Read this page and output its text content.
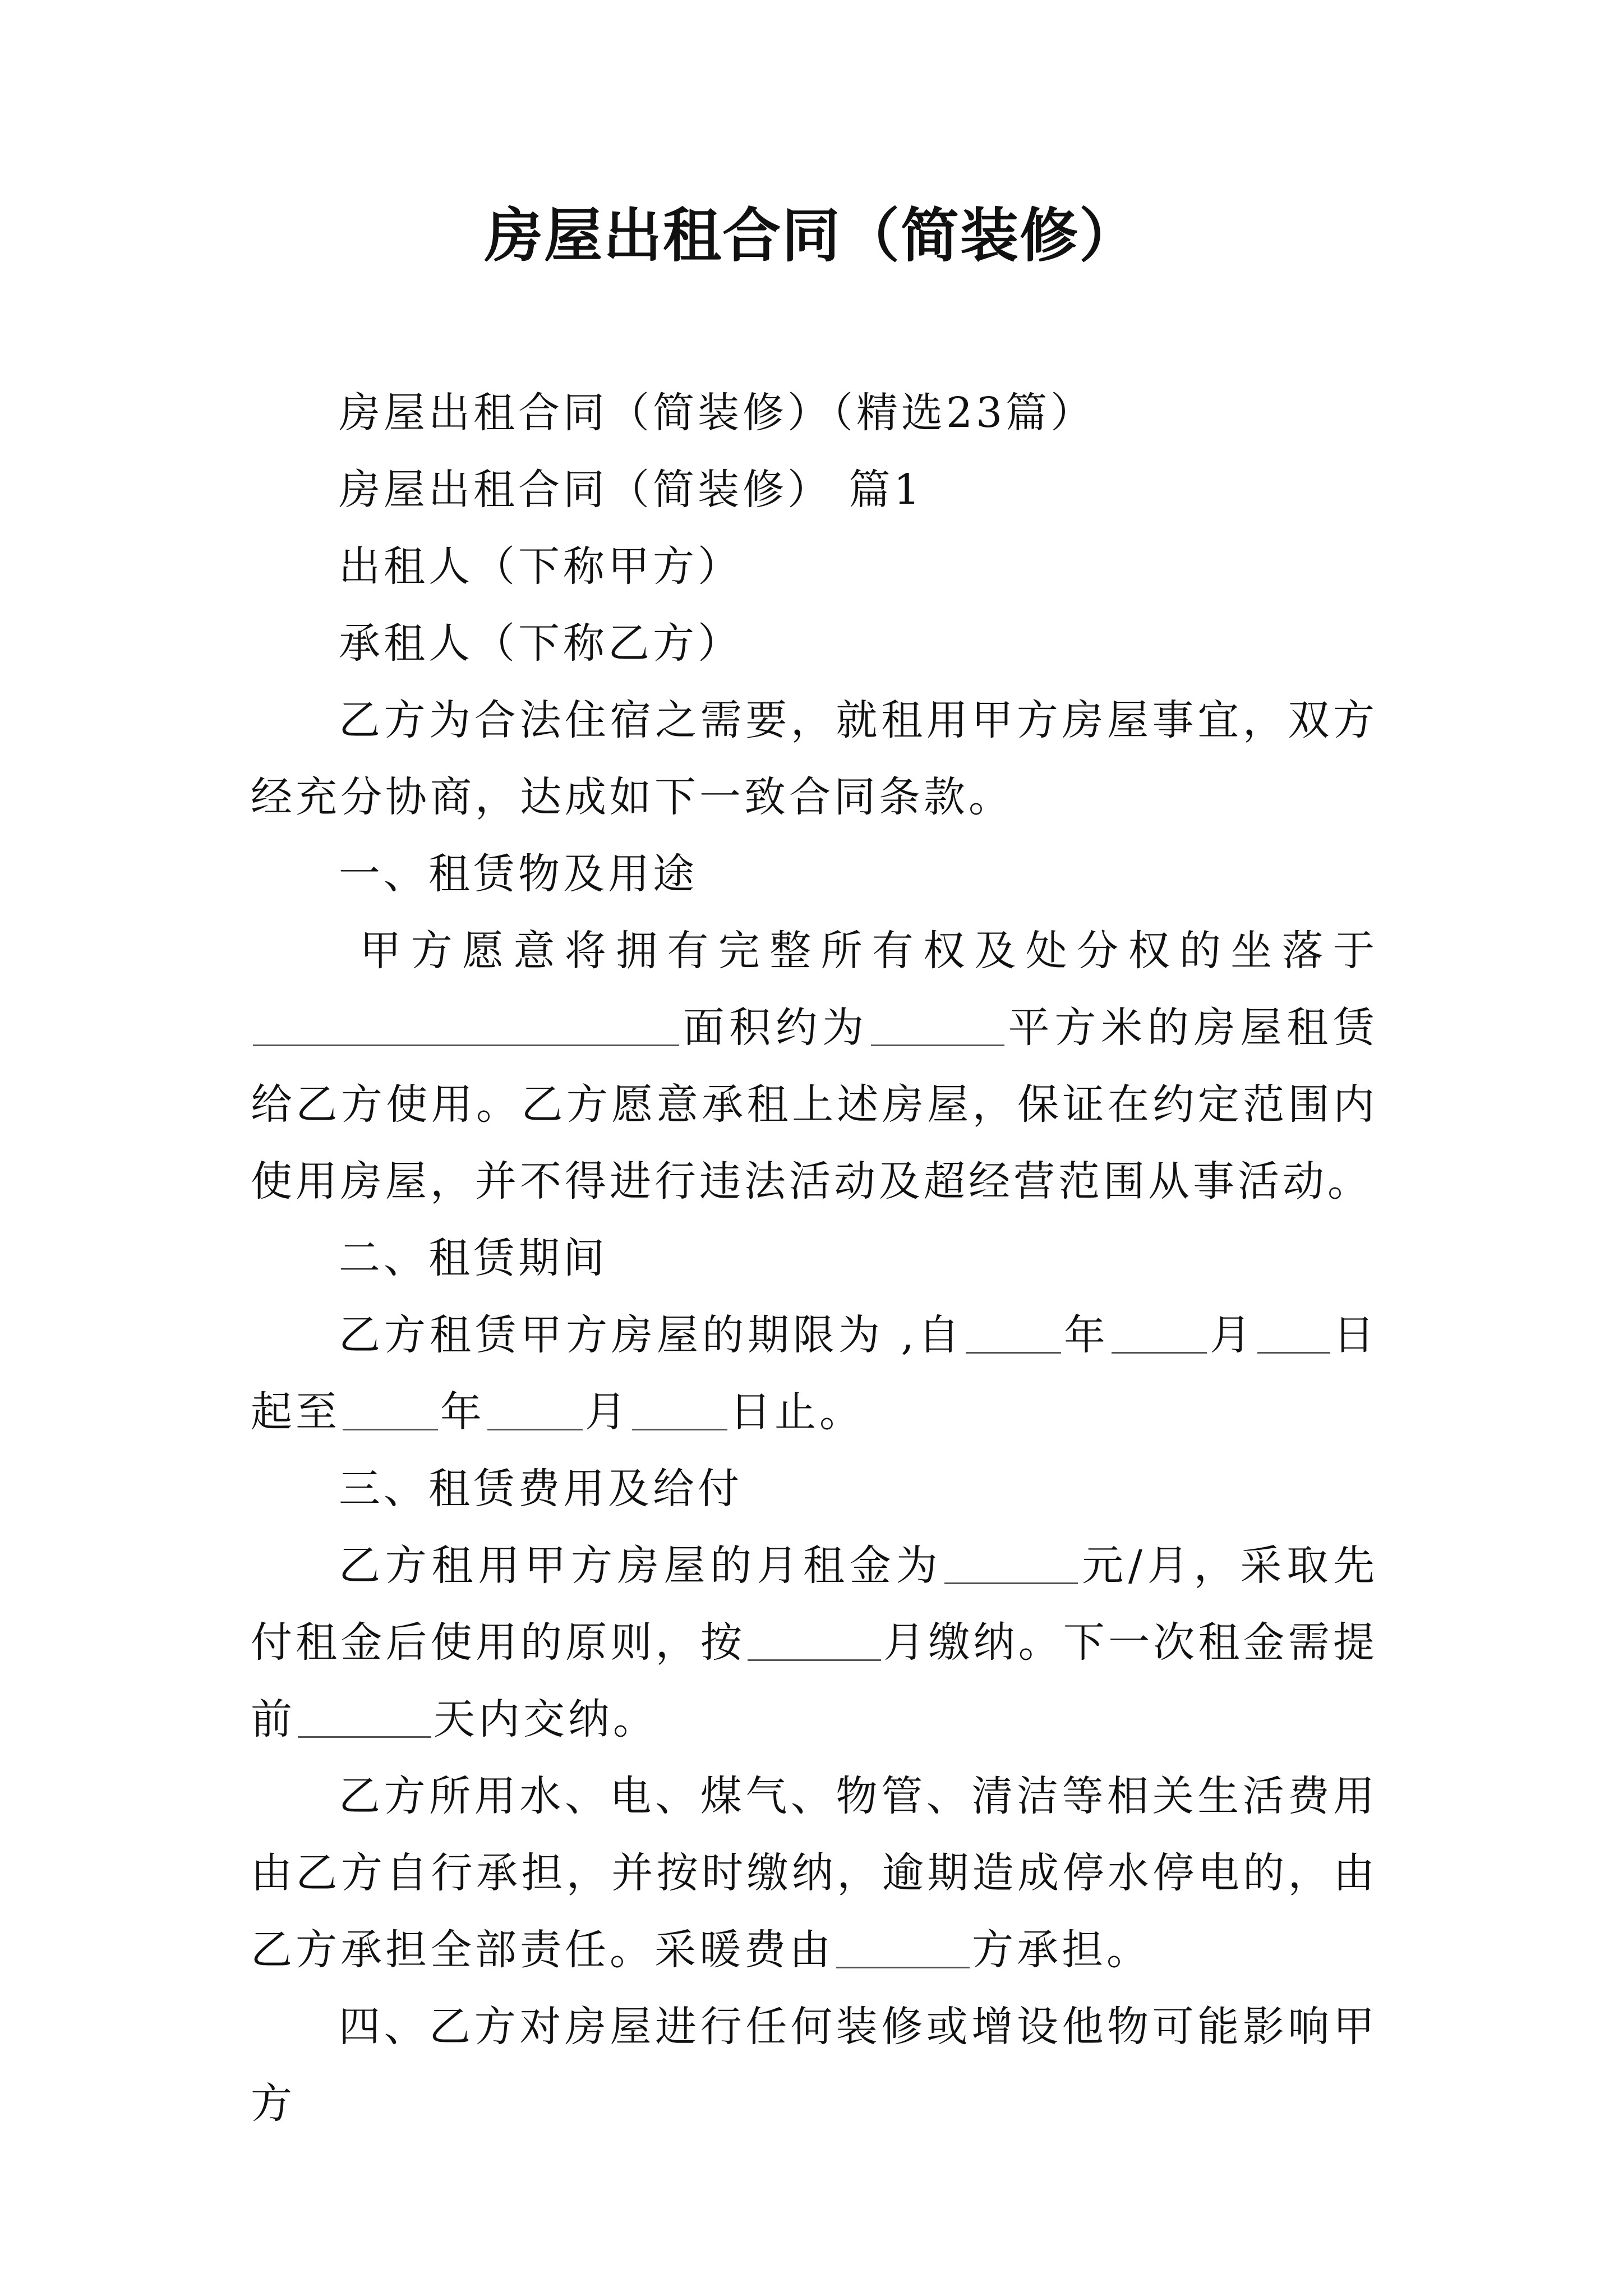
房屋出租合同（简装修）

房屋出租合同（简装修）（精选23篇）

房屋出租合同（简装修） 篇1

出租人（下称甲方）

承租人（下称乙方）

乙方为合法住宿之需要，就租用甲方房屋事宜，双方经充分协商，达成如下一致合同条款。

一、租赁物及用途

甲方愿意将拥有完整所有权及处分权的坐落于面积约为	平方米的房屋租赁给乙方使用。乙方愿意承租上述房屋，保证在约定范围内使用房屋，并不得进行违法活动及超经营范围从事活动。

二、租赁期间

乙方租赁甲方房屋的期限为 ,自 年 月 日起至 年 月 日止。

三、租赁费用及给付

乙方租用甲方房屋的月租金为	元/月，采取先付租金后使用的原则，按	月缴纳。下一次租金需提前	天内交纳。

乙方所用水、电、煤气、物管、清洁等相关生活费用由乙方自行承担，并按时缴纳，逾期造成停水停电的，由乙方承担全部责任。采暖费由	方承担。

四、乙方对房屋进行任何装修或增设他物可能影响甲方
